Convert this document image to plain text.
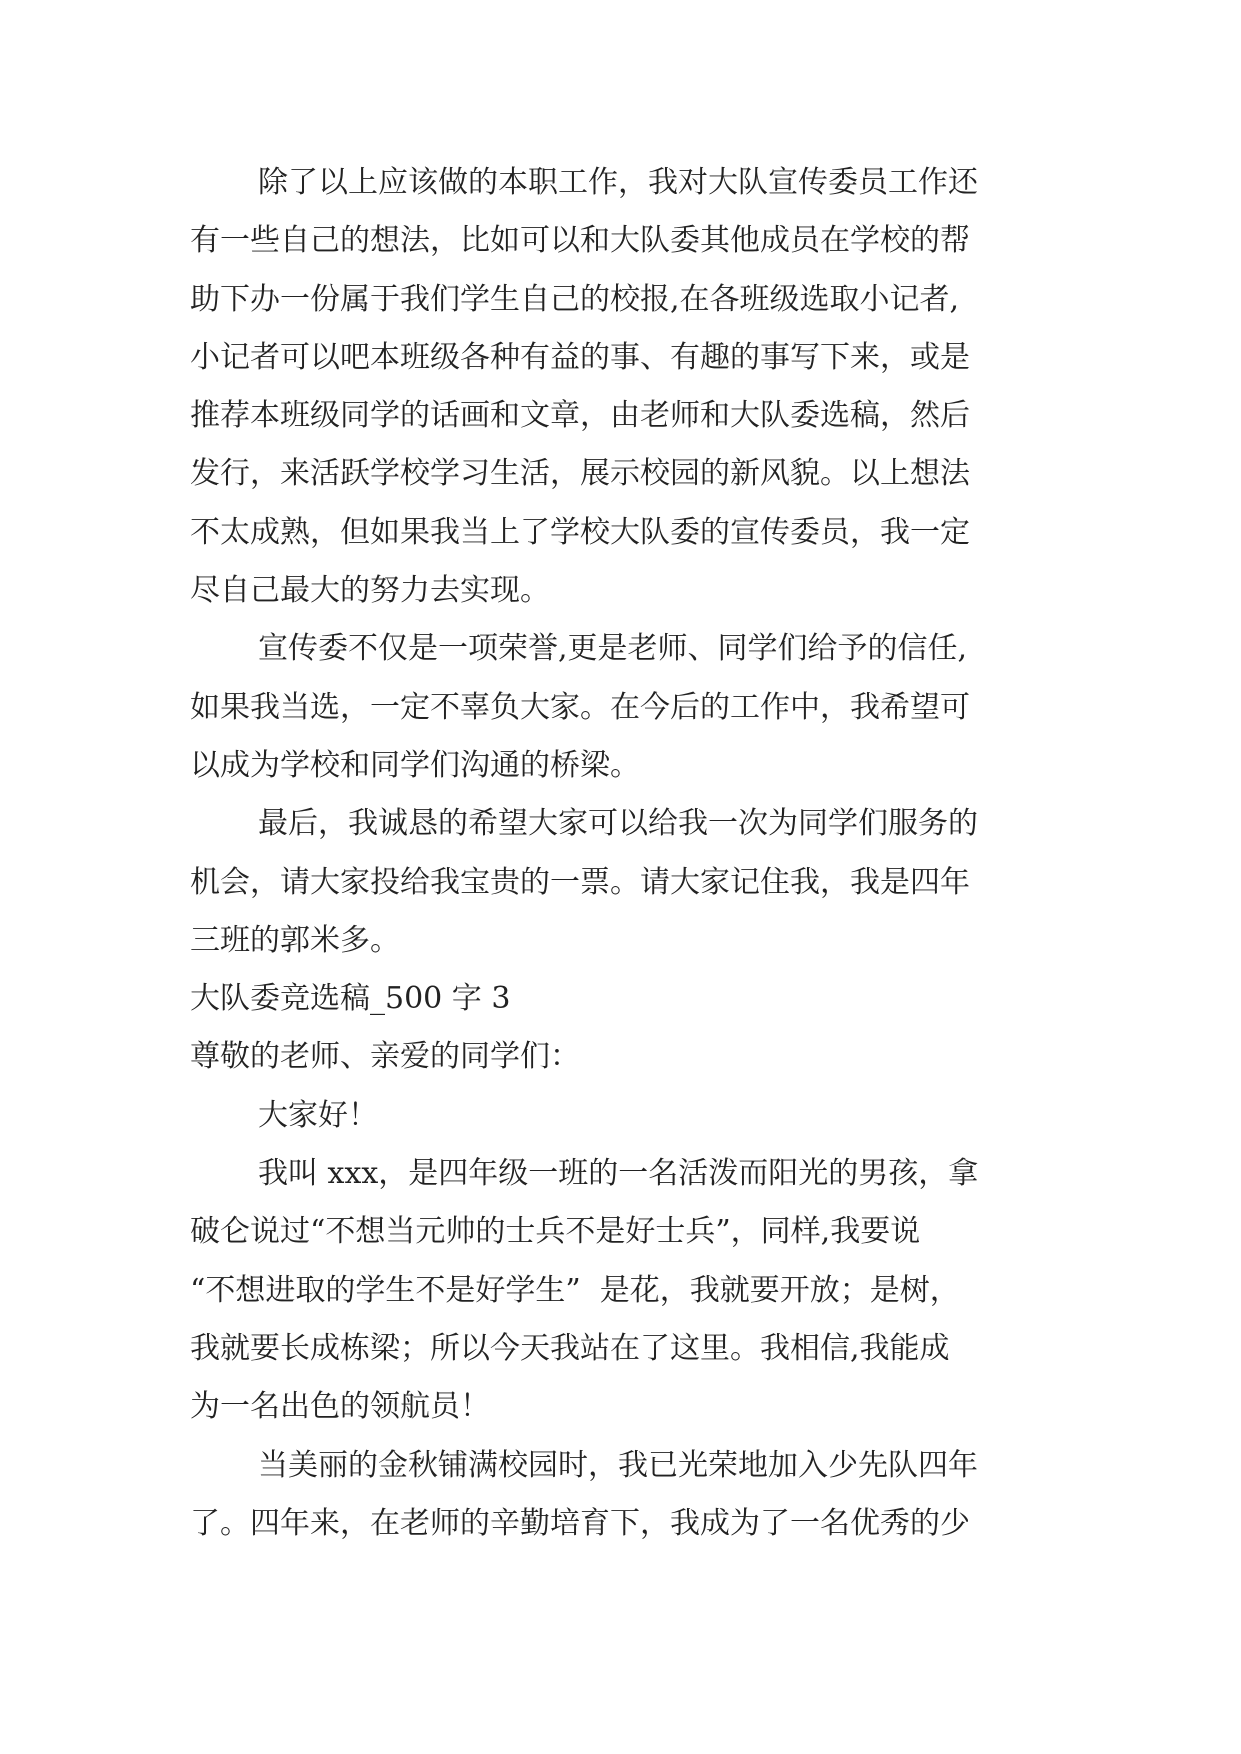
除了以上应该做的本职工作，我对大队宣传委员工作还
有一些自己的想法，比如可以和大队委其他成员在学校的帮
助下办一份属于我们学生自己的校报,在各班级选取小记者,
小记者可以吧本班级各种有益的事、有趣的事写下来，或是
推荐本班级同学的话画和文章，由老师和大队委选稿，然后
发行，来活跃学校学习生活，展示校园的新风貌。以上想法
不太成熟，但如果我当上了学校大队委的宣传委员，我一定
尽自己最大的努力去实现。
宣传委不仅是一项荣誉,更是老师、同学们给予的信任,
如果我当选，一定不辜负大家。在今后的工作中，我希望可
以成为学校和同学们沟通的桥梁。
最后，我诚恳的希望大家可以给我一次为同学们服务的
机会，请大家投给我宝贵的一票。请大家记住我，我是四年
三班的郭米多。
大队委竞选稿_500 字 3
尊敬的老师、亲爱的同学们：
大家好！
我叫 xxx，是四年级一班的一名活泼而阳光的男孩，拿
破仑说过“不想当元帅的士兵不是好士兵”，同样,我要说
“不想进取的学生不是好学生”  是花，我就要开放；是树，
我就要长成栋梁；所以今天我站在了这里。我相信,我能成
为一名出色的领航员！
当美丽的金秋铺满校园时，我已光荣地加入少先队四年
了。四年来，在老师的辛勤培育下，我成为了一名优秀的少
